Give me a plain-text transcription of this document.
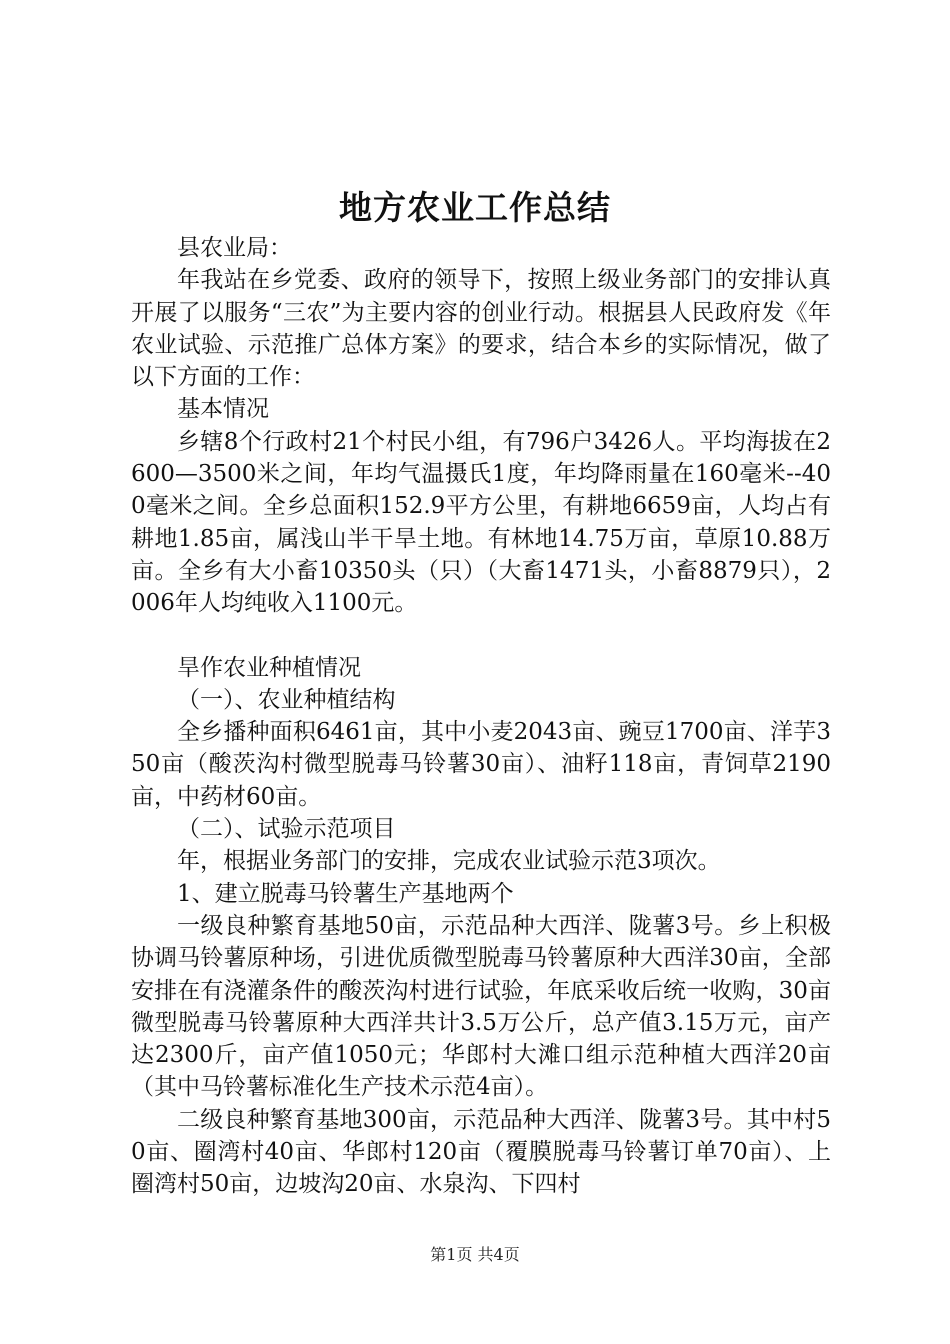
地方农业工作总结

县农业局：

年我站在乡党委、政府的领导下，按照上级业务部门的安排认真开展了以服务“三农”为主要内容的创业行动。根据县人民政府发《年农业试验、示范推广总体方案》的要求，结合本乡的实际情况，做了以下方面的工作：

基本情况

乡辖8个行政村21个村民小组，有796户3426人。平均海拔在2600—3500米之间，年均气温摄氏1度，年均降雨量在160毫米--400毫米之间。全乡总面积152.9平方公里，有耕地6659亩，人均占有耕地1.85亩，属浅山半干旱土地。有林地14.75万亩，草原10.88万亩。全乡有大小畜10350头（只）（大畜1471头，小畜8879只），2006年人均纯收入1100元。

旱作农业种植情况

（一）、农业种植结构

全乡播种面积6461亩，其中小麦2043亩、豌豆1700亩、洋芋350亩（酸茨沟村微型脱毒马铃薯30亩）、油籽118亩，青饲草2190亩，中药材60亩。

（二）、试验示范项目

年，根据业务部门的安排，完成农业试验示范3项次。

1、建立脱毒马铃薯生产基地两个

一级良种繁育基地50亩，示范品种大西洋、陇薯3号。乡上积极协调马铃薯原种场，引进优质微型脱毒马铃薯原种大西洋30亩，全部安排在有浇灌条件的酸茨沟村进行试验，年底采收后统一收购，30亩微型脱毒马铃薯原种大西洋共计3.5万公斤，总产值3.15万元，亩产达2300斤，亩产值1050元；华郎村大滩口组示范种植大西洋20亩（其中马铃薯标准化生产技术示范4亩）。

二级良种繁育基地300亩，示范品种大西洋、陇薯3号。其中村50亩、圈湾村40亩、华郎村120亩（覆膜脱毒马铃薯订单70亩）、上圈湾村50亩，边坡沟20亩、水泉沟、下四村

第1页 共4页
